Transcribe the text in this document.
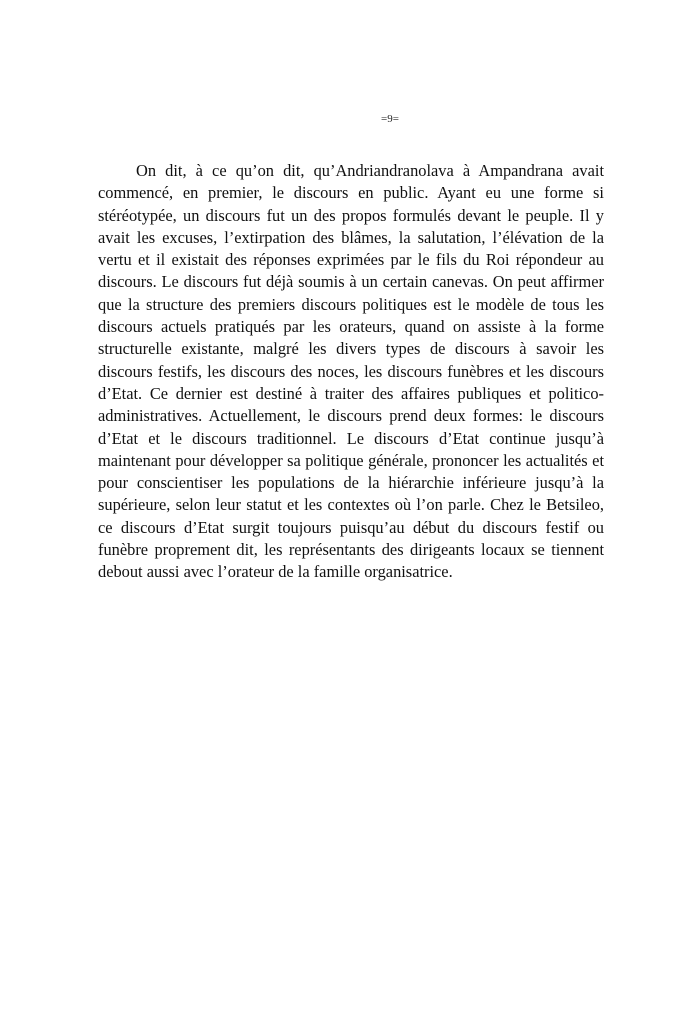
=9=

On dit, à ce qu’on dit, qu’Andriandranolava à Ampandrana avait commencé, en premier, le discours en public. Ayant eu une forme si stéréotypée, un discours fut un des propos formulés devant le peuple. Il y avait les excuses, l’extirpation des blâmes, la salutation, l’élévation de la vertu et il existait des réponses exprimées par le fils du Roi répondeur au discours. Le discours fut déjà soumis à un certain canevas. On peut affirmer que la structure des premiers discours politiques est le modèle de tous les discours actuels pratiqués par les orateurs, quand on assiste à la forme structurelle existante, malgré les divers types de discours à savoir les discours festifs, les discours des noces, les discours funèbres et les discours d’Etat. Ce dernier est destiné à traiter des affaires publiques et politico-administratives. Actuellement, le discours prend deux formes: le discours d’Etat et le discours traditionnel. Le discours d’Etat continue jusqu’à maintenant pour développer sa politique générale, prononcer les actualités et pour conscientiser les populations de la hiérarchie inférieure jusqu’à la supérieure, selon leur statut et les contextes où l’on parle. Chez le Betsileo, ce discours d’Etat surgit toujours puisqu’au début du discours festif ou funèbre proprement dit, les représentants des dirigeants locaux se tiennent debout aussi avec l’orateur de la famille organisatrice.
